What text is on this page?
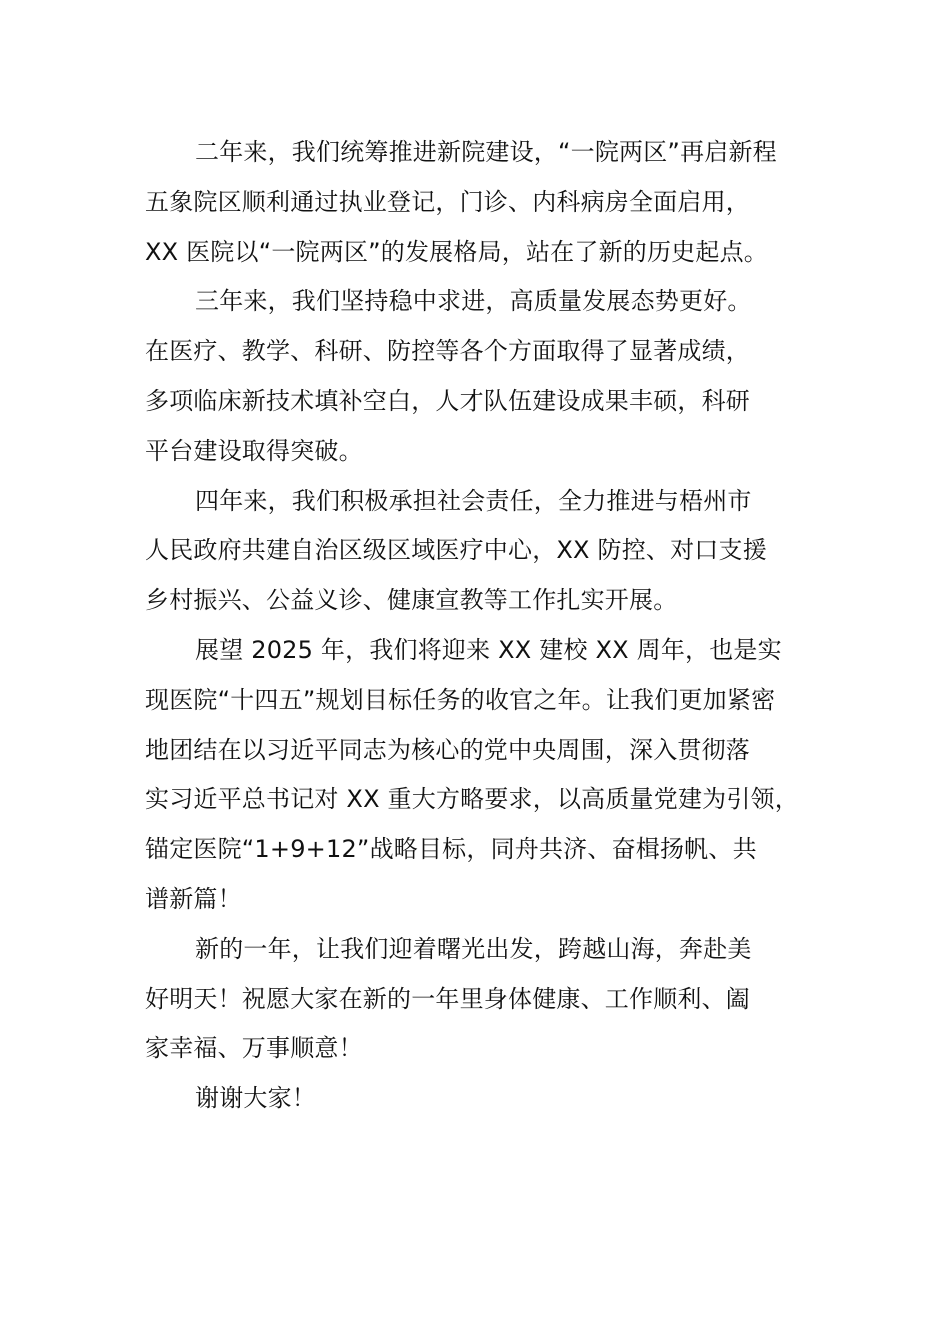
二年来，我们统筹推进新院建设，“一院两区”再启新程
五象院区顺利通过执业登记，门诊、内科病房全面启用，
XX 医院以“一院两区”的发展格局，站在了新的历史起点。
三年来，我们坚持稳中求进，高质量发展态势更好。
在医疗、教学、科研、防控等各个方面取得了显著成绩，
多项临床新技术填补空白，人才队伍建设成果丰硕，科研
平台建设取得突破。
四年来，我们积极承担社会责任，全力推进与梧州市
人民政府共建自治区级区域医疗中心，XX 防控、对口支援
乡村振兴、公益义诊、健康宣教等工作扎实开展。
展望 2025 年，我们将迎来 XX 建校 XX 周年，也是实
现医院“十四五”规划目标任务的收官之年。让我们更加紧密
地团结在以习近平同志为核心的党中央周围，深入贯彻落
实习近平总书记对 XX 重大方略要求，以高质量党建为引领，
锚定医院“1+9+12”战略目标，同舟共济、奋楫扬帆、共
谱新篇！
新的一年，让我们迎着曙光出发，跨越山海，奔赴美
好明天！祝愿大家在新的一年里身体健康、工作顺利、阖
家幸福、万事顺意！
谢谢大家！
